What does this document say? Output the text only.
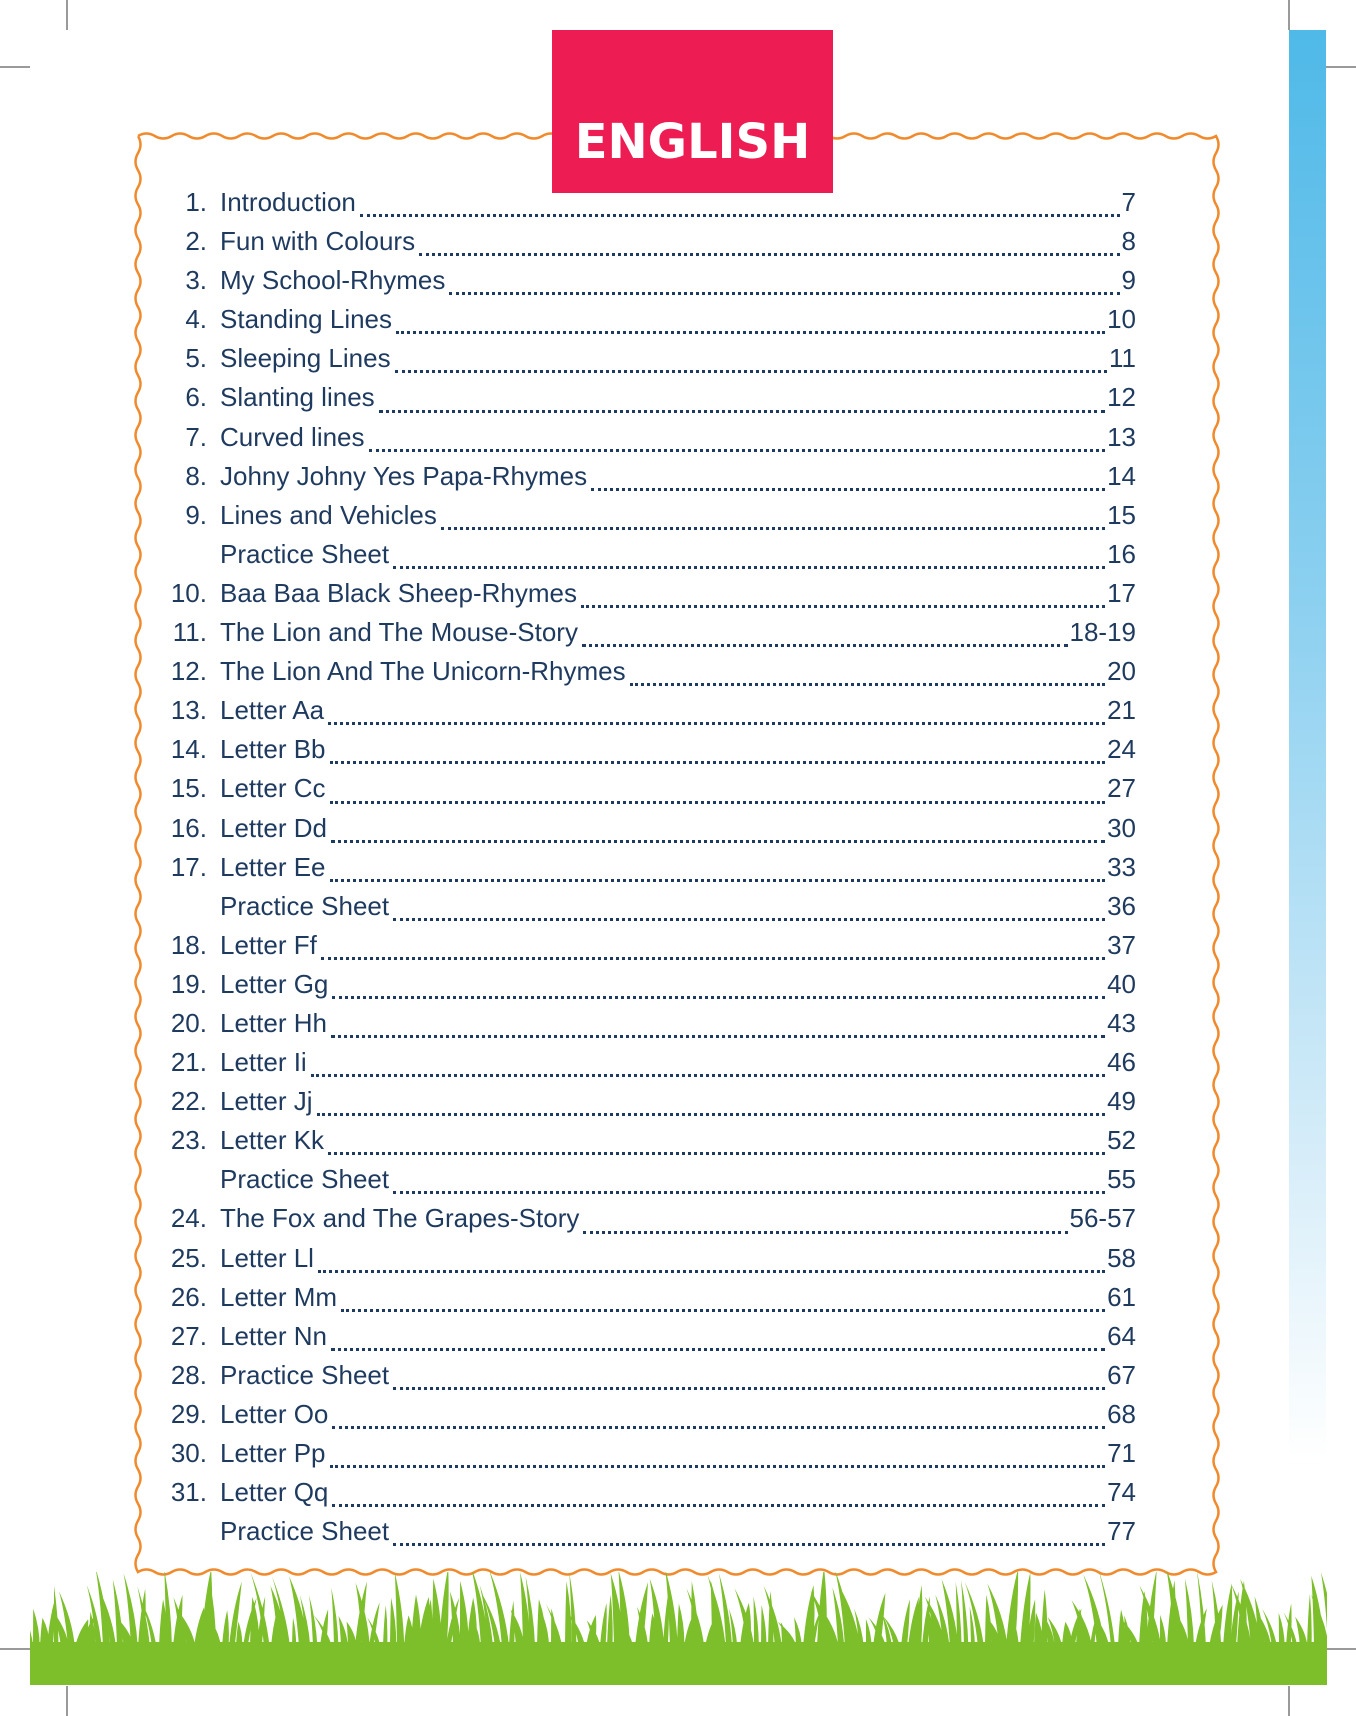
ENGLISH
1. Introduction	7
2. Fun with Colours	8
3. My School-Rhymes	9
4. Standing Lines	10
5. Sleeping Lines	11
6. Slanting lines	12
7. Curved lines	13
8. Johny Johny Yes Papa-Rhymes	14
9. Lines and Vehicles	15
Practice Sheet	16
10. Baa Baa Black Sheep-Rhymes	17
11. The Lion and The Mouse-Story	18-19
12. The Lion And The Unicorn-Rhymes	20
13. Letter Aa	21
14. Letter Bb	24
15. Letter Cc	27
16. Letter Dd	30
17. Letter Ee	33
Practice Sheet	36
18. Letter Ff	37
19. Letter Gg	40
20. Letter Hh	43
21. Letter Ii	46
22. Letter Jj	49
23. Letter Kk	52
Practice Sheet	55
24. The Fox and The Grapes-Story	56-57
25. Letter Ll	58
26. Letter Mm	61
27. Letter Nn	64
28. Practice Sheet	67
29. Letter Oo	68
30. Letter Pp	71
31. Letter Qq	74
Practice Sheet	77
